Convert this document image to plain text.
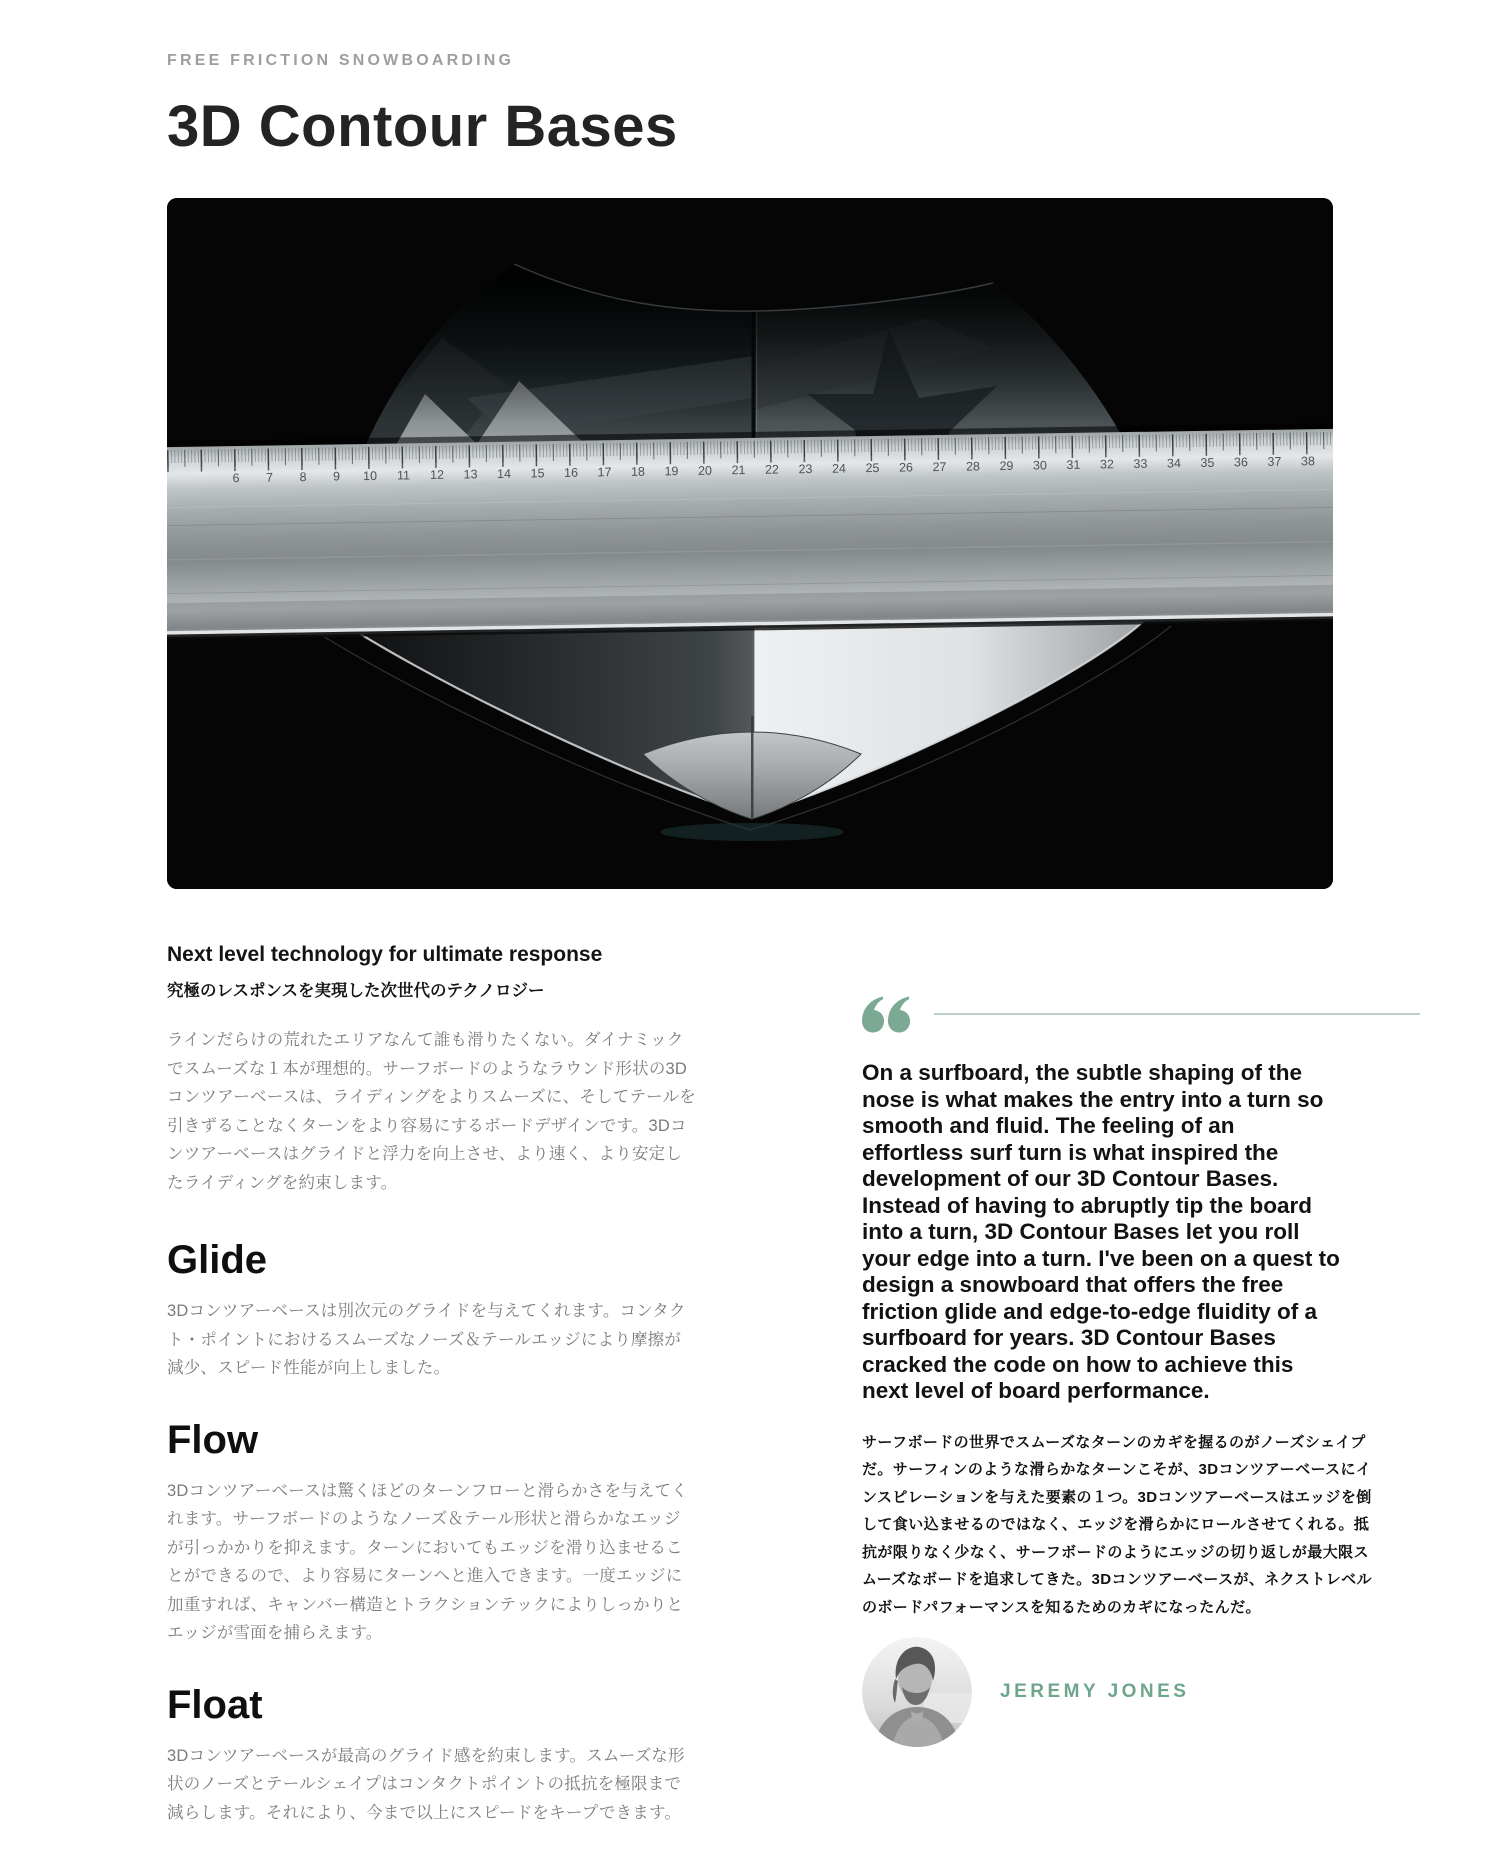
FREE FRICTION SNOWBOARDING
3D Contour Bases
6	7	8	9	10	11	12	13	14	15	16	17	18	19	20	21	22	23	24	25	26	27	28	29	30	31	32	33	34	35	36	37	38
Next level technology for ultimate response
究極のレスポンスを実現した次世代のテクノロジー

ラインだらけの荒れたエリアなんて誰も滑りたくない。ダイナミックでスムーズな１本が理想的。サーフボードのようなラウンド形状の3Dコンツアーベースは、ライディングをよりスムーズに、そしてテールを引きずることなくターンをより容易にするボードデザインです。3Dコンツアーベースはグライドと浮力を向上させ、より速く、より安定したライディングを約束します。

Glide

3Dコンツアーベースは別次元のグライドを与えてくれます。コンタクト・ポイントにおけるスムーズなノーズ＆テールエッジにより摩擦が減少、スピード性能が向上しました。

Flow

3Dコンツアーベースは驚くほどのターンフローと滑らかさを与えてくれます。サーフボードのようなノーズ＆テール形状と滑らかなエッジが引っかかりを抑えます。ターンにおいてもエッジを滑り込ませることができるので、より容易にターンへと進入できます。一度エッジに加重すれば、キャンバー構造とトラクションテックによりしっかりとエッジが雪面を捕らえます。

Float

3Dコンツアーベースが最高のグライド感を約束します。スムーズな形状のノーズとテールシェイプはコンタクトポイントの抵抗を極限まで減らします。それにより、今まで以上にスピードをキープできます。

On a surfboard, the subtle shaping of the nose is what makes the entry into a turn so smooth and fluid. The feeling of an effortless surf turn is what inspired the development of our 3D Contour Bases. Instead of having to abruptly tip the board into a turn, 3D Contour Bases let you roll your edge into a turn. I've been on a quest to design a snowboard that offers the free friction glide and edge-to-edge fluidity of a surfboard for years. 3D Contour Bases cracked the code on how to achieve this next level of board performance.

サーフボードの世界でスムーズなターンのカギを握るのがノーズシェイプだ。サーフィンのような滑らかなターンこそが、3Dコンツアーベースにインスピレーションを与えた要素の１つ。3Dコンツアーベースはエッジを倒して食い込ませるのではなく、エッジを滑らかにロールさせてくれる。抵抗が限りなく少なく、サーフボードのようにエッジの切り返しが最大限スムーズなボードを追求してきた。3Dコンツアーベースが、ネクストレベルのボードパフォーマンスを知るためのカギになったんだ。

JEREMY JONES
